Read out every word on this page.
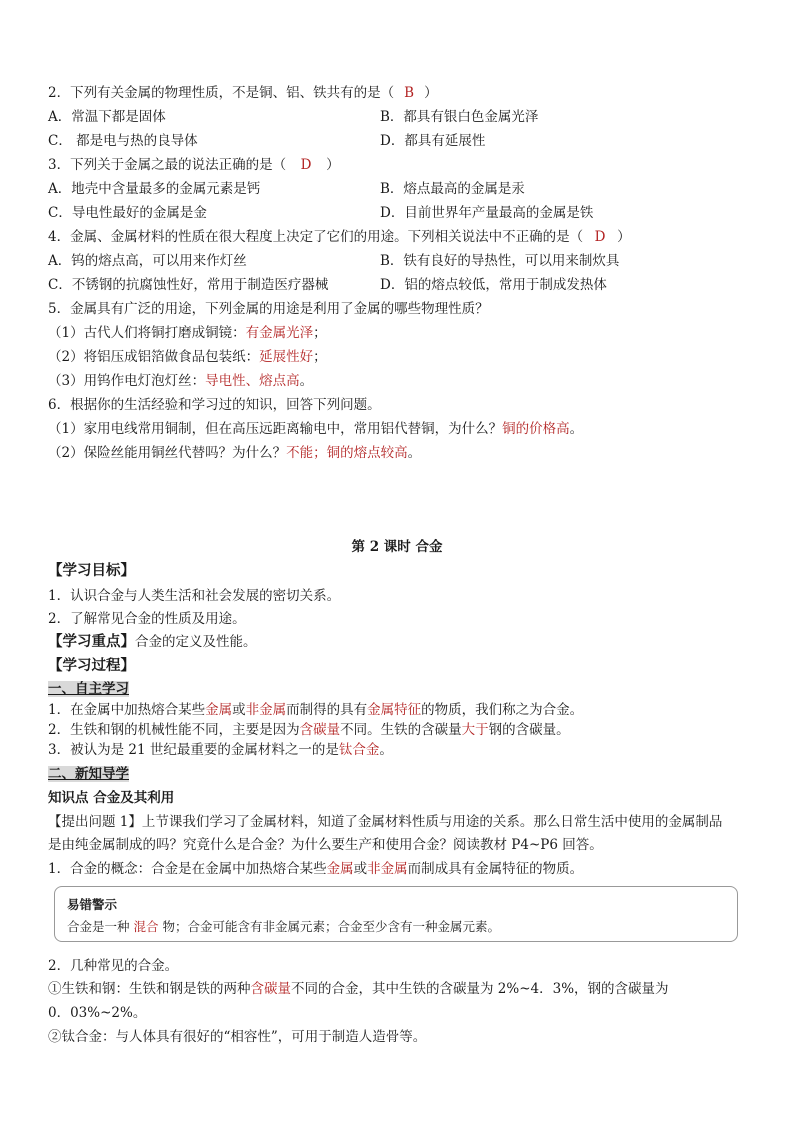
2．下列有关金属的物理性质，不是铜、铝、铁共有的是（ B ）
A．常温下都是固体	B．都具有银白色金属光泽
C． 都是电与热的良导体	D．都具有延展性
3．下列关于金属之最的说法正确的是（ D ）
A．地壳中含量最多的金属元素是钙	B．熔点最高的金属是汞
C．导电性最好的金属是金	D．目前世界年产量最高的金属是铁
4．金属、金属材料的性质在很大程度上决定了它们的用途。下列相关说法中不正确的是（ D ）
A．钨的熔点高，可以用来作灯丝	B．铁有良好的导热性，可以用来制炊具
C．不锈钢的抗腐蚀性好，常用于制造医疗器械	D．铝的熔点较低，常用于制成发热体
5．金属具有广泛的用途，下列金属的用途是利用了金属的哪些物理性质？
（1）古代人们将铜打磨成铜镜：有金属光泽；
（2）将铝压成铝箔做食品包装纸：延展性好；
（3）用钨作电灯泡灯丝：导电性、熔点高。
6．根据你的生活经验和学习过的知识，回答下列问题。
（1）家用电线常用铜制，但在高压远距离输电中，常用铝代替铜，为什么？铜的价格高。
（2）保险丝能用铜丝代替吗？为什么？不能；铜的熔点较高。
第 2 课时 合金
【学习目标】
1．认识合金与人类生活和社会发展的密切关系。
2．了解常见合金的性质及用途。
【学习重点】合金的定义及性能。
【学习过程】
一、自主学习
1．在金属中加热熔合某些金属或非金属而制得的具有金属特征的物质，我们称之为合金。
2．生铁和钢的机械性能不同，主要是因为含碳量不同。生铁的含碳量大于钢的含碳量。
3．被认为是 21 世纪最重要的金属材料之一的是钛合金。
二、新知导学
知识点 合金及其利用
【提出问题 1】上节课我们学习了金属材料，知道了金属材料性质与用途的关系。那么日常生活中使用的金属制品
是由纯金属制成的吗？究竟什么是合金？为什么要生产和使用合金？阅读教材 P4~P6 回答。
1．合金的概念：合金是在金属中加热熔合某些金属或非金属而制成具有金属特征的物质。
易错警示
合金是一种 混合 物；合金可能含有非金属元素；合金至少含有一种金属元素。
2．几种常见的合金。
①生铁和钢：生铁和钢是铁的两种含碳量不同的合金，其中生铁的含碳量为 2%~4．3%，钢的含碳量为
0．03%~2%。
②钛合金：与人体具有很好的“相容性”，可用于制造人造骨等。
